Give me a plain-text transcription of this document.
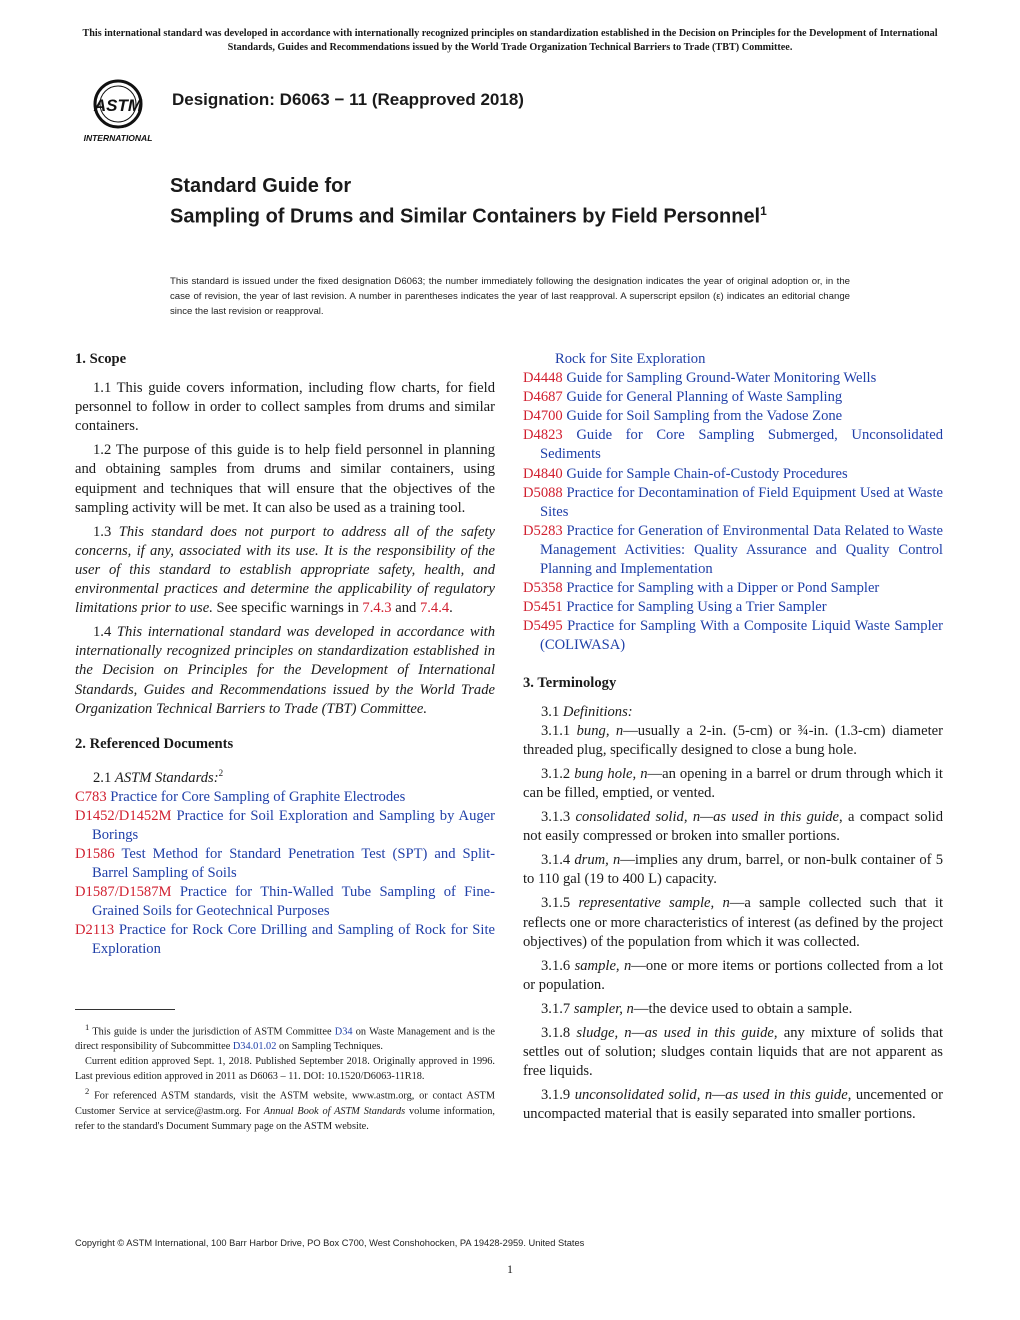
This international standard was developed in accordance with internationally recognized principles on standardization established in the Decision on Principles for the Development of International Standards, Guides and Recommendations issued by the World Trade Organization Technical Barriers to Trade (TBT) Committee.
ASTM
INTERNATIONAL
Designation: D6063 − 11 (Reapproved 2018)
Standard Guide for
Sampling of Drums and Similar Containers by Field Personnel$^1$
This standard is issued under the fixed designation D6063; the number immediately following the designation indicates the year of original adoption or, in the case of revision, the year of last revision. A number in parentheses indicates the year of last reapproval. A superscript epsilon (ε) indicates an editorial change since the last revision or reapproval.
1. Scope

1.1 This guide covers information, including flow charts, for field personnel to follow in order to collect samples from drums and similar containers.

1.2 The purpose of this guide is to help field personnel in planning and obtaining samples from drums and similar containers, using equipment and techniques that will ensure that the objectives of the sampling activity will be met. It can also be used as a training tool.

1.3 This standard does not purport to address all of the safety concerns, if any, associated with its use. It is the responsibility of the user of this standard to establish appropriate safety, health, and environmental practices and determine the applicability of regulatory limitations prior to use. See specific warnings in 7.4.3 and 7.4.4.

1.4 This international standard was developed in accordance with internationally recognized principles on standardization established in the Decision on Principles for the Development of International Standards, Guides and Recommendations issued by the World Trade Organization Technical Barriers to Trade (TBT) Committee.

2. Referenced Documents

2.1 ASTM Standards:$^2$

C783 Practice for Core Sampling of Graphite Electrodes

D1452/D1452M Practice for Soil Exploration and Sampling by Auger Borings

D1586 Test Method for Standard Penetration Test (SPT) and Split-Barrel Sampling of Soils

D1587/D1587M Practice for Thin-Walled Tube Sampling of Fine-Grained Soils for Geotechnical Purposes

D2113 Practice for Rock Core Drilling and Sampling of Rock for Site Exploration

$^1$ This guide is under the jurisdiction of ASTM Committee D34 on Waste Management and is the direct responsibility of Subcommittee D34.01.02 on Sampling Techniques.

Current edition approved Sept. 1, 2018. Published September 2018. Originally approved in 1996. Last previous edition approved in 2011 as D6063 – 11. DOI: 10.1520/D6063-11R18.

$^2$ For referenced ASTM standards, visit the ASTM website, www.astm.org, or contact ASTM Customer Service at service@astm.org. For Annual Book of ASTM Standards volume information, refer to the standard's Document Summary page on the ASTM website.

Rock for Site Exploration

D4448 Guide for Sampling Ground-Water Monitoring Wells

D4687 Guide for General Planning of Waste Sampling

D4700 Guide for Soil Sampling from the Vadose Zone

D4823 Guide for Core Sampling Submerged, Unconsolidated Sediments

D4840 Guide for Sample Chain-of-Custody Procedures

D5088 Practice for Decontamination of Field Equipment Used at Waste Sites

D5283 Practice for Generation of Environmental Data Related to Waste Management Activities: Quality Assurance and Quality Control Planning and Implementation

D5358 Practice for Sampling with a Dipper or Pond Sampler

D5451 Practice for Sampling Using a Trier Sampler

D5495 Practice for Sampling With a Composite Liquid Waste Sampler (COLIWASA)

3. Terminology

3.1 Definitions:

3.1.1 bung, n—usually a 2-in. (5-cm) or ¾-in. (1.3-cm) diameter threaded plug, specifically designed to close a bung hole.

3.1.2 bung hole, n—an opening in a barrel or drum through which it can be filled, emptied, or vented.

3.1.3 consolidated solid, n—as used in this guide, a compact solid not easily compressed or broken into smaller portions.

3.1.4 drum, n—implies any drum, barrel, or non-bulk container of 5 to 110 gal (19 to 400 L) capacity.

3.1.5 representative sample, n—a sample collected such that it reflects one or more characteristics of interest (as defined by the project objectives) of the population from which it was collected.

3.1.6 sample, n—one or more items or portions collected from a lot or population.

3.1.7 sampler, n—the device used to obtain a sample.

3.1.8 sludge, n—as used in this guide, any mixture of solids that settles out of solution; sludges contain liquids that are not apparent as free liquids.

3.1.9 unconsolidated solid, n—as used in this guide, uncemented or uncompacted material that is easily separated into smaller portions.

Copyright © ASTM International, 100 Barr Harbor Drive, PO Box C700, West Conshohocken, PA 19428-2959. United States
1
